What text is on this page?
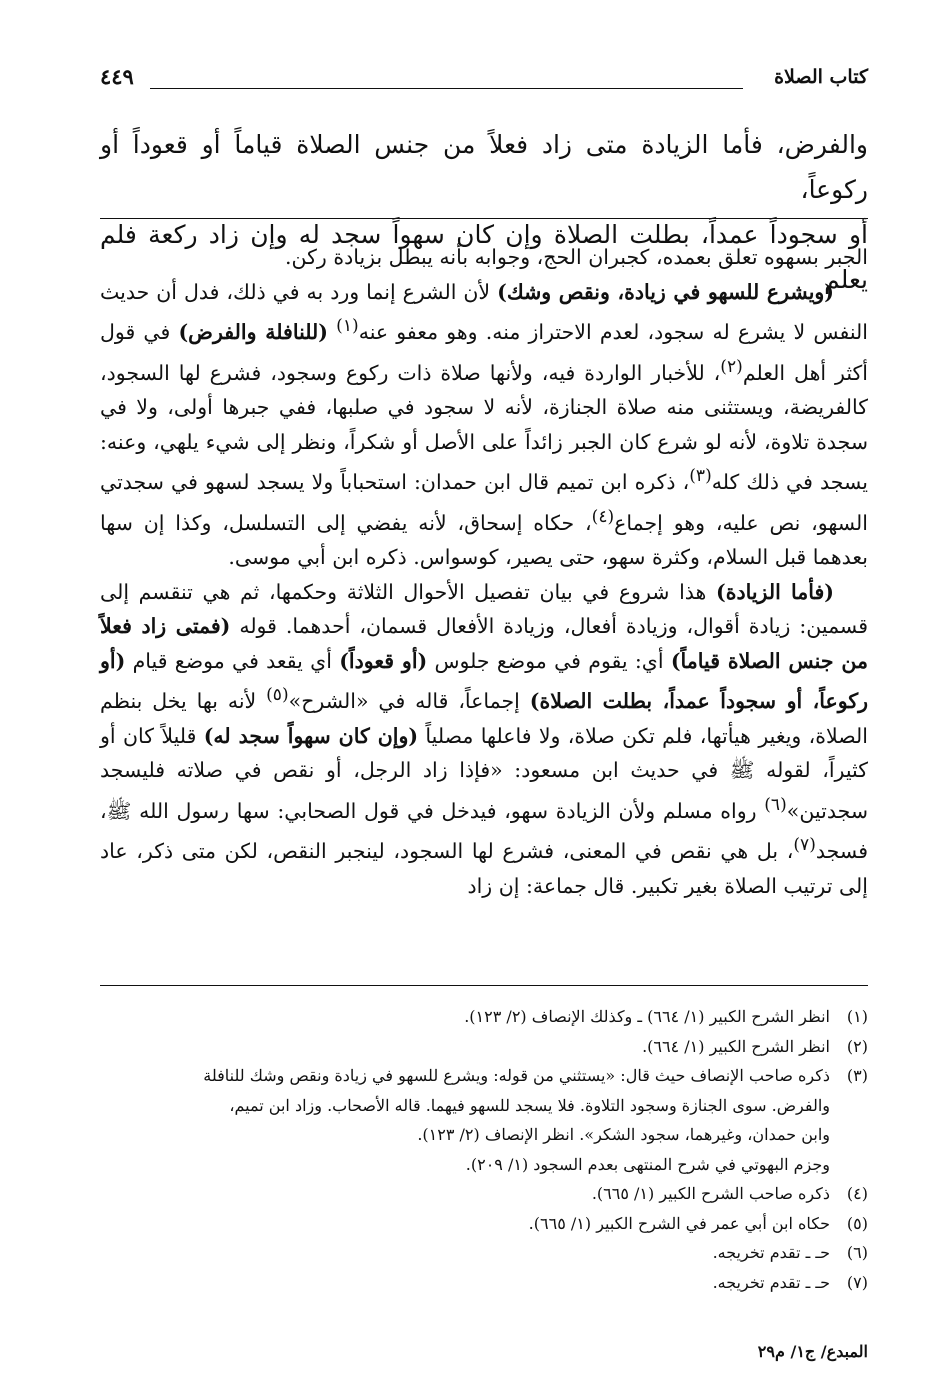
كتاب الصلاة
٤٤٩

والفرض، فأما الزيادة متى زاد فعلاً من جنس الصلاة قياماً أو قعوداً أو ركوعاً،

أو سجوداً عمداً، بطلت الصلاة وإن كان سهواً سجد له وإن زاد ركعة فلم يعلم

الجبر بسهوه تعلق بعمده، كجبران الحج، وجوابه بأنه يبطل بزيادة ركن.

(ويشرع للسهو في زيادة، ونقص وشك) لأن الشرع إنما ورد به في ذلك، فدل أن حديث النفس لا يشرع له سجود، لعدم الاحتراز منه. وهو معفو عنه$^{(١)}$ (للنافلة والفرض) في قول أكثر أهل العلم$^{(٢)}$، للأخبار الواردة فيه، ولأنها صلاة ذات ركوع وسجود، فشرع لها السجود، كالفريضة، ويستثنى منه صلاة الجنازة، لأنه لا سجود في صلبها، ففي جبرها أولى، ولا في سجدة تلاوة، لأنه لو شرع كان الجبر زائداً على الأصل أو شكراً، ونظر إلى شيء يلهي، وعنه: يسجد في ذلك كله$^{(٣)}$، ذكره ابن تميم قال ابن حمدان: استحباباً ولا يسجد لسهو في سجدتي السهو، نص عليه، وهو إجماع$^{(٤)}$، حكاه إسحاق، لأنه يفضي إلى التسلسل، وكذا إن سها بعدهما قبل السلام، وكثرة سهو، حتى يصير، كوسواس. ذكره ابن أبي موسى.

(فأما الزيادة) هذا شروع في بيان تفصيل الأحوال الثلاثة وحكمها، ثم هي تنقسم إلى قسمين: زيادة أقوال، وزيادة أفعال، وزيادة الأفعال قسمان، أحدهما. قوله (فمتى زاد فعلاً من جنس الصلاة قياماً) أي: يقوم في موضع جلوس (أو قعوداً) أي يقعد في موضع قيام (أو ركوعاً، أو سجوداً عمداً، بطلت الصلاة) إجماعاً، قاله في «الشرح»$^{(٥)}$ لأنه بها يخل بنظم الصلاة، ويغير هيأتها، فلم تكن صلاة، ولا فاعلها مصلياً (وإن كان سهواً سجد له) قليلاً كان أو كثيراً، لقوله ﷺ في حديث ابن مسعود: «فإذا زاد الرجل، أو نقص في صلاته فليسجد سجدتين»$^{(٦)}$ رواه مسلم ولأن الزيادة سهو، فيدخل في قول الصحابي: سها رسول الله ﷺ، فسجد$^{(٧)}$، بل هي نقص في المعنى، فشرع لها السجود، لينجبر النقص، لكن متى ذكر، عاد إلى ترتيب الصلاة بغير تكبير. قال جماعة: إن زاد

(١)
انظر الشرح الكبير (١/ ٦٦٤) ـ وكذلك الإنصاف (٢/ ١٢٣).
(٢)
انظر الشرح الكبير (١/ ٦٦٤).
(٣)
ذكره صاحب الإنصاف حيث قال: «يستثني من قوله: ويشرع للسهو في زيادة ونقص وشك للنافلة
والفرض. سوى الجنازة وسجود التلاوة. فلا يسجد للسهو فيهما. قاله الأصحاب. وزاد ابن تميم،
وابن حمدان، وغيرهما، سجود الشكر». انظر الإنصاف (٢/ ١٢٣).
وجزم البهوتي في شرح المنتهى بعدم السجود (١/ ٢٠٩).
(٤)
ذكره صاحب الشرح الكبير (١/ ٦٦٥).
(٥)
حكاه ابن أبي عمر في الشرح الكبير (١/ ٦٦٥).
(٦)
حـ ـ تقدم تخريجه.
(٧)
حـ ـ تقدم تخريجه.
المبدع/ ج١/ م٢٩
